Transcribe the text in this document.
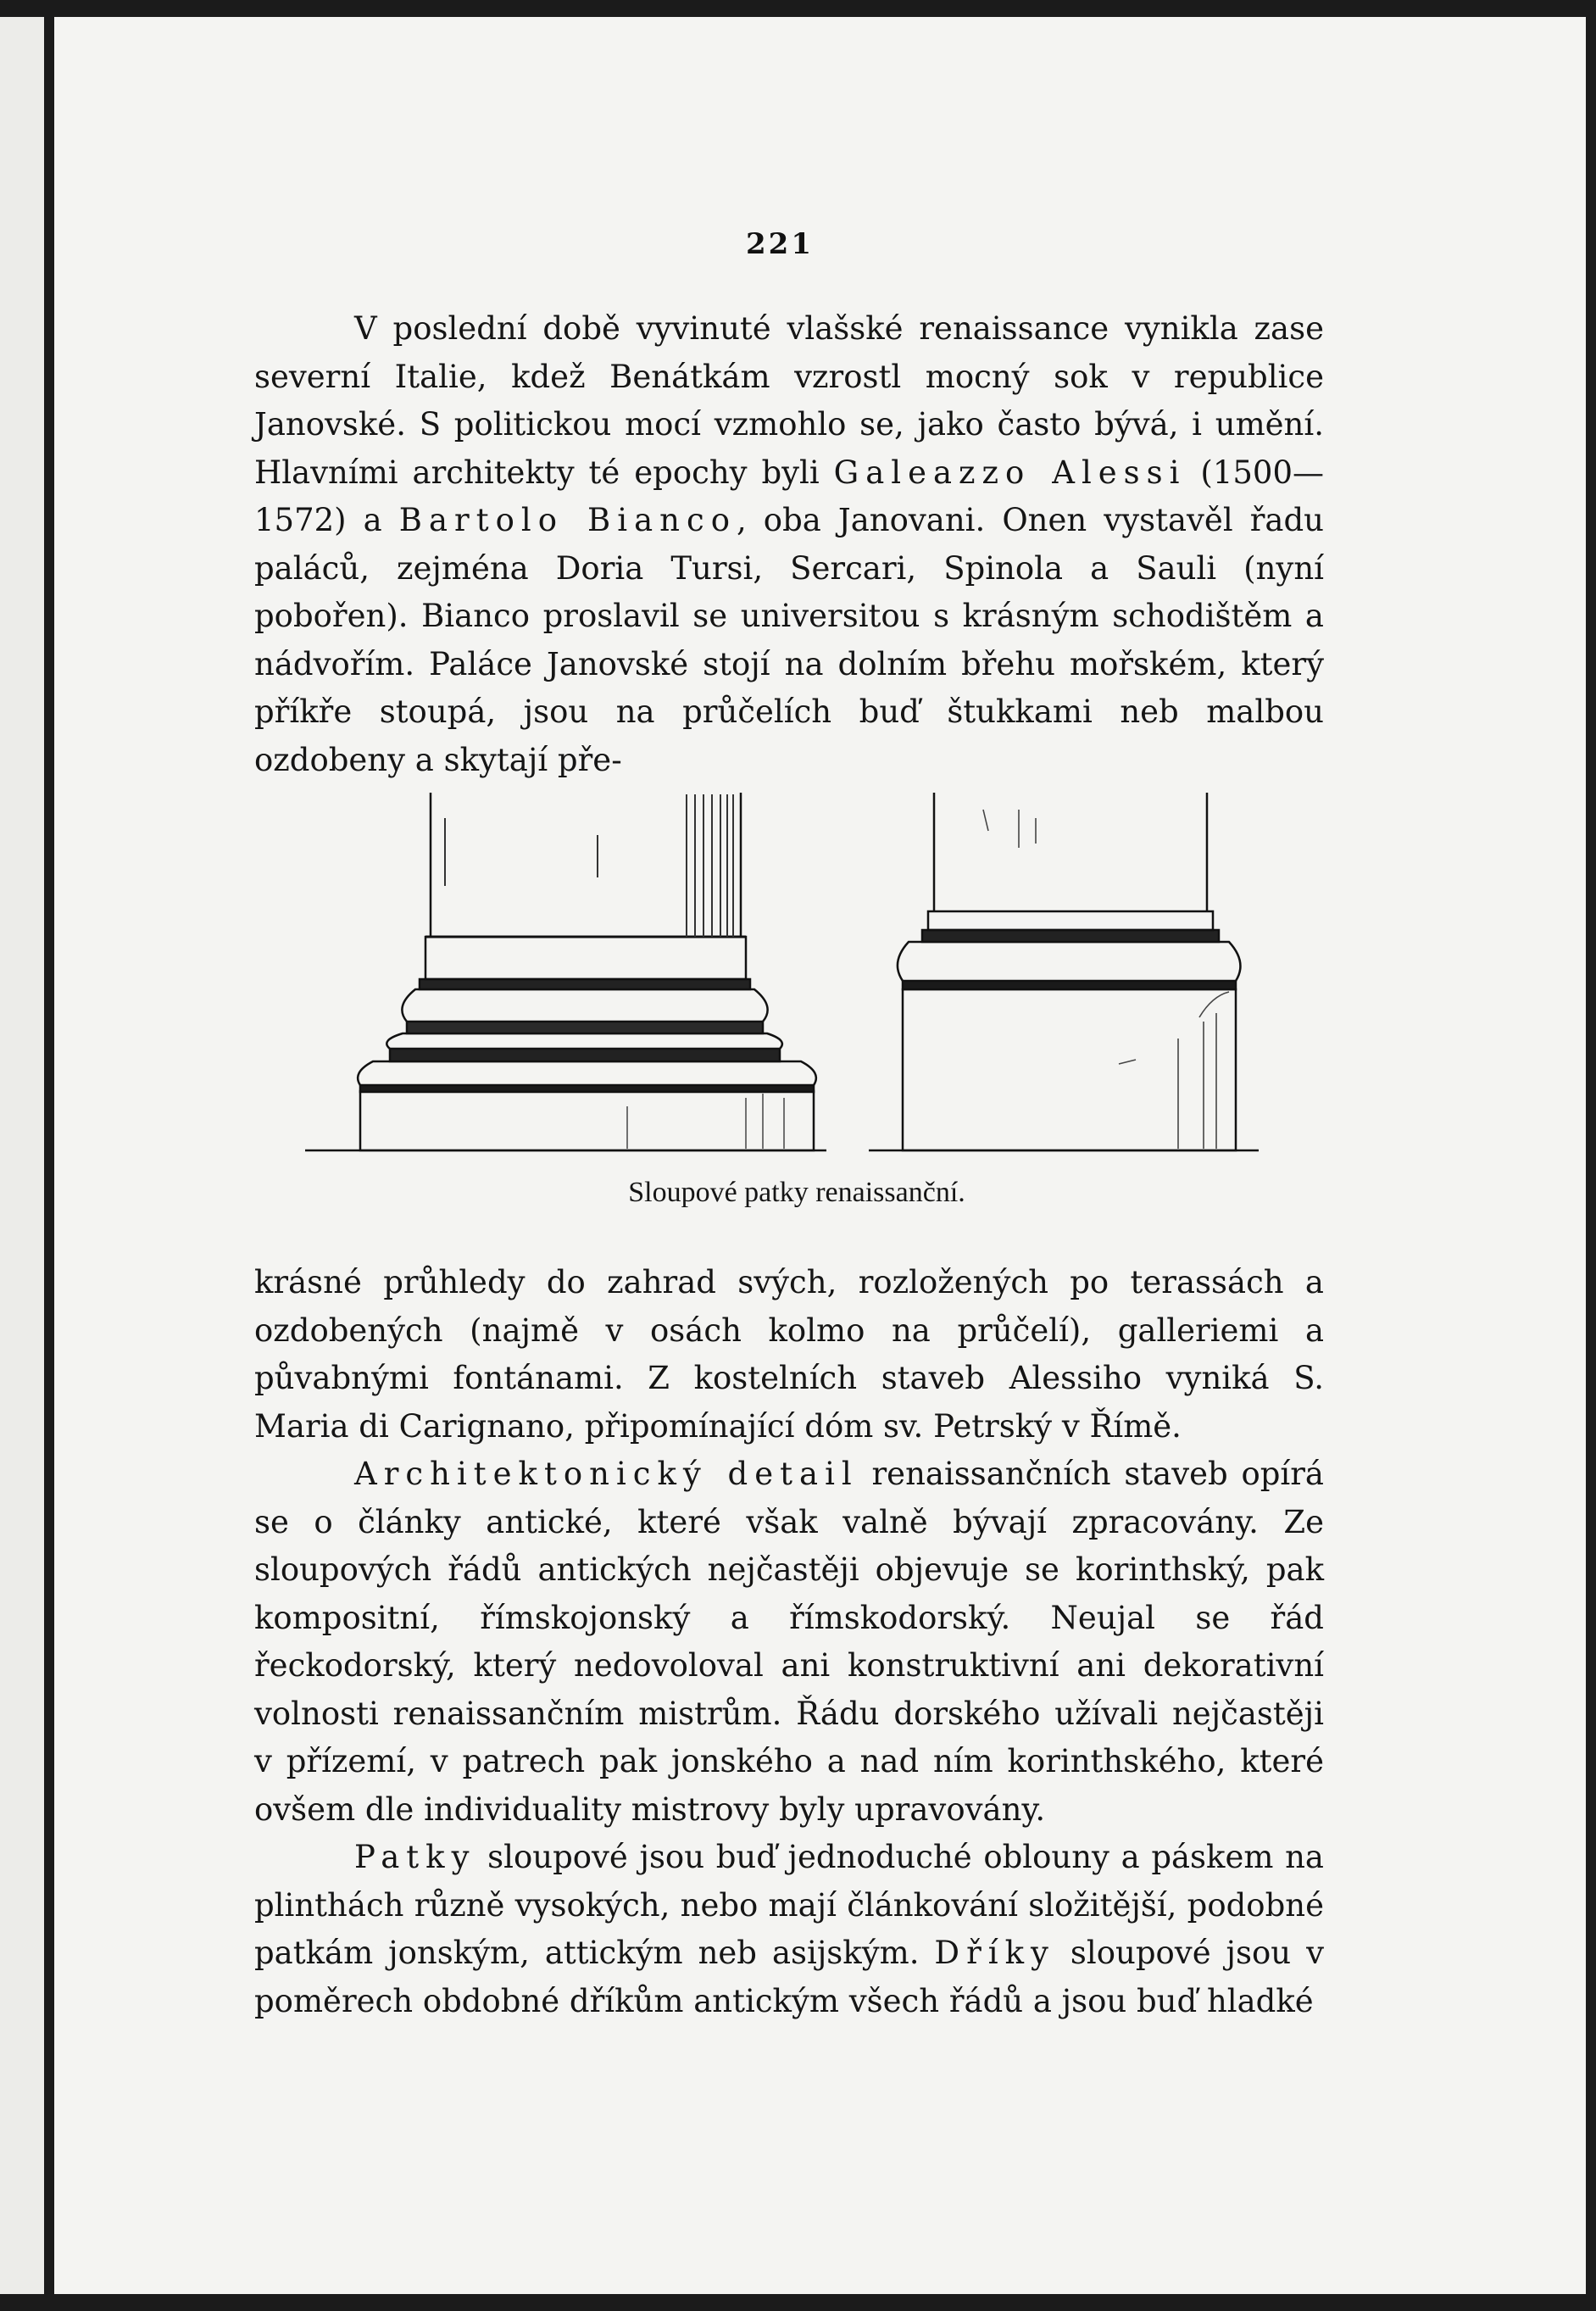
221

V poslední době vyvinuté vlašské renaissance vynikla zase severní Italie, kdež Benátkám vzrostl mocný sok v republice Janovské. S politickou mocí vzmohlo se, jako často bývá, i umění. Hlavními architekty té epochy byli Galeazzo Alessi (1500—1572) a Bartolo Bianco, oba Janovani. Onen vystavěl řadu paláců, zejména Doria Tursi, Sercari, Spinola a Sauli (nyní pobořen). Bianco proslavil se universitou s krásným schodištěm a nádvořím. Paláce Janovské stojí na dolním břehu mořském, který příkře stoupá, jsou na průčelích buď štukkami neb malbou ozdobeny a skytají pře-

Sloupové patky renaissanční.

krásné průhledy do zahrad svých, rozložených po terassách a ozdobených (najmě v osách kolmo na průčelí), galleriemi a půvabnými fontánami. Z kostelních staveb Alessiho vyniká S. Maria di Carignano, připomínající dóm sv. Petrský v Římě.

Architektonický detail renaissančních staveb opírá se o články antické, které však valně bývají zpracovány. Ze sloupových řádů antických nejčastěji objevuje se korinthský, pak kompositní, římskojonský a římskodorský. Neujal se řád řeckodorský, který nedovoloval ani konstruktivní ani dekorativní volnosti renaissančním mistrům. Řádu dorského užívali nejčastěji v přízemí, v patrech pak jonského a nad ním korinthského, které ovšem dle individuality mistrovy byly upravovány.

Patky sloupové jsou buď jednoduché oblouny a páskem na plinthách různě vysokých, nebo mají článkování složitější, podobné patkám jonským, attickým neb asijským. Dříky sloupové jsou v poměrech obdobné dříkům antickým všech řádů a jsou buď hladké
